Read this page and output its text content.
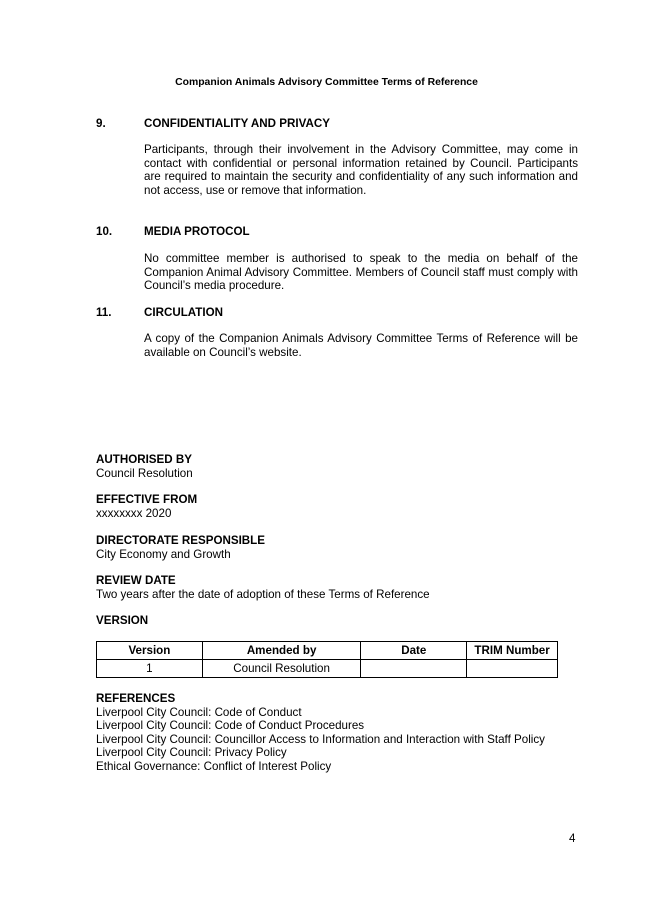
Companion Animals Advisory Committee Terms of Reference
9.	CONFIDENTIALITY AND PRIVACY
Participants, through their involvement in the Advisory Committee, may come in contact with confidential or personal information retained by Council. Participants are required to maintain the security and confidentiality of any such information and not access, use or remove that information.
10.	MEDIA PROTOCOL
No committee member is authorised to speak to the media on behalf of the Companion Animal Advisory Committee. Members of Council staff must comply with Council’s media procedure.
11.	CIRCULATION
A copy of the Companion Animals Advisory Committee Terms of Reference will be available on Council’s website.
AUTHORISED BY
Council Resolution
EFFECTIVE FROM
xxxxxxxx 2020
DIRECTORATE RESPONSIBLE
City Economy and Growth
REVIEW DATE
Two years after the date of adoption of these Terms of Reference
VERSION
Version	Amended by	Date	TRIM Number
1	Council Resolution		
REFERENCES
Liverpool City Council: Code of Conduct
Liverpool City Council: Code of Conduct Procedures
Liverpool City Council: Councillor Access to Information and Interaction with Staff Policy
Liverpool City Council: Privacy Policy
Ethical Governance: Conflict of Interest Policy
4
